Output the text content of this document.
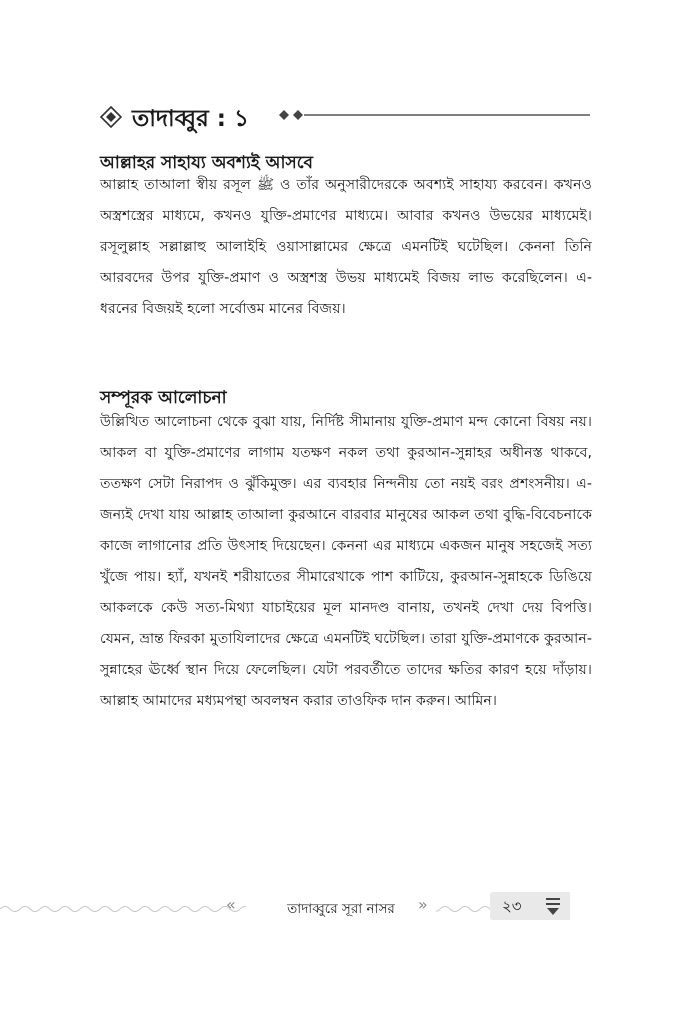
তাদাব্বুর : ১
আল্লাহর সাহায্য অবশ্যই আসবে

আল্লাহ তাআলা স্বীয় রসূল ﷺ ও তাঁর অনুসারীদেরকে অবশ্যই সাহায্য করবেন। কখনও অস্ত্রশস্ত্রের মাধ্যমে, কখনও যুক্তি-প্রমাণের মাধ্যমে। আবার কখনও উভয়ের মাধ্যমেই। রসূলুল্লাহ সল্লাল্লাহু আলাইহি ওয়াসাল্লামের ক্ষেত্রে এমনটিই ঘটেছিল। কেননা তিনি আরবদের উপর যুক্তি-প্রমাণ ও অস্ত্রশস্ত্র উভয় মাধ্যমেই বিজয় লাভ করেছিলেন। এ-ধরনের বিজয়ই হলো সর্বোত্তম মানের বিজয়।

সম্পূরক আলোচনা

উল্লিখিত আলোচনা থেকে বুঝা যায়, নির্দিষ্ট সীমানায় যুক্তি-প্রমাণ মন্দ কোনো বিষয় নয়। আকল বা যুক্তি-প্রমাণের লাগাম যতক্ষণ নকল তথা কুরআন-সুন্নাহর অধীনস্ত থাকবে, ততক্ষণ সেটা নিরাপদ ও ঝুঁকিমুক্ত। এর ব্যবহার নিন্দনীয় তো নয়ই বরং প্রশংসনীয়। এ-জন্যই দেখা যায় আল্লাহ তাআলা কুরআনে বারবার মানুষের আকল তথা বুদ্ধি-বিবেচনাকে কাজে লাগানোর প্রতি উৎসাহ দিয়েছেন। কেননা এর মাধ্যমে একজন মানুষ সহজেই সত্য খুঁজে পায়। হ্যাঁ, যখনই শরীয়াতের সীমারেখাকে পাশ কাটিয়ে, কুরআন-সুন্নাহকে ডিঙিয়ে আকলকে কেউ সত্য-মিথ্যা যাচাইয়ের মূল মানদণ্ড বানায়, তখনই দেখা দেয় বিপত্তি। যেমন, ভ্রান্ত ফিরকা মুতাযিলাদের ক্ষেত্রে এমনটিই ঘটেছিল। তারা যুক্তি-প্রমাণকে কুরআন-সুন্নাহের ঊর্ধ্বে স্থান দিয়ে ফেলেছিল। যেটা পরবর্তীতে তাদের ক্ষতির কারণ হয়ে দাঁড়ায়। আল্লাহ আমাদের মধ্যমপন্থা অবলম্বন করার তাওফিক দান করুন। আমিন।

«	তাদাব্বুরে সূরা নাসর	»	২৩
